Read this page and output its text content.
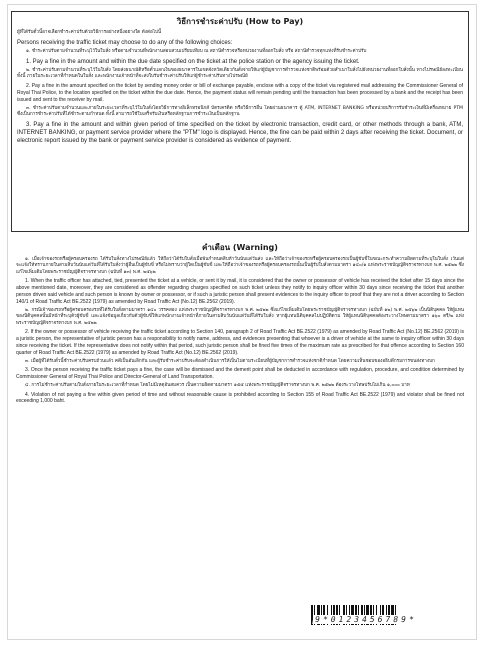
วิธีการชำระค่าปรับ (How to Pay)

ผู้ที่ได้รับตั๋วนี้อาจเลือกชำระค่าปรับด้วยวิธีการอย่างหนึ่งอย่างใด ดังต่อไปนี้

Persons receiving the traffic ticket may choose to do any of the following choices:

๑. ชำระค่าปรับตามจำนวนที่ระบุไว้ในใบสั่ง หรือตามจำนวนที่พนักงานสอบสวนเปรียบเทียบ ณ สถานีตำรวจหรือหน่วยงานที่ออกใบสั่ง หรือ สถานีตำรวจทุกแห่งที่รับชำระค่าปรับ

1. Pay a fine in the amount and within the due date specified on the ticket at the police station or the agency issuing the ticket.

๒. ชำระค่าปรับตามจำนวนที่ระบุไว้ในใบสั่ง โดยส่งธนาณัติหรือตั๋วแลกเงินของธนาคารในเขตจังหวัดเดียวกันสั่งจ่ายให้แก่ผู้บัญชาการตำรวจแห่งชาติพร้อมด้วยสำเนาใบสั่งไปยังหน่วยงานที่ออกใบสั่งนั้น ทางไปรษณีย์ลงทะเบียน ทั้งนี้ ภายในระยะเวลาที่กำหนดในใบสั่ง และพนักงานเจ้าหน้าที่จะส่งใบรับชำระค่าปรับให้แก่ผู้ชำระค่าปรับทางไปรษณีย์

2. Pay a fine in the amount specified on the ticket by sending money order or bill of exchange payable, enclose with a copy of the ticket via registered mail addressing the Commissioner General of Royal Thai Police, to the location specified on the ticket within the due date. Hence, the payment status will remain pending until the transaction has been processed by a bank and the receipt has been issued and sent to the receiver by mail.

๓. ชำระค่าปรับตามจำนวนและภายในระยะเวลาที่ระบุไว้ในใบสั่งโดยวิธีการทางอิเล็กทรอนิกส์ บัตรเครดิต หรือวิธีการอื่น โดยผ่านธนาคาร ตู้ ATM, INTERNET BANKING หรือหน่วยบริการรับชำระเงินที่มีเครื่องหมาย PTM ซึ่งเป็นการชำระค่าปรับที่ได้ชำระตามกำหนด ทั้งนี้ สามารถใช้ใบเสร็จรับเงินหรือหลักฐานการชำระเงินเป็นหลักฐาน

3. Pay a fine in the amount and within given period of time specified on the ticket by electronic transaction, credit card, or other methods through a bank, ATM, INTERNET BANKING, or payment service provider where the "PTM" logo is displayed. Hence, the fine can be paid within 2 days after receiving the ticket. Document, or electronic report issued by the bank or payment service provider is considered as evidence of payment.

คำเตือน (Warning)

๑. เมื่อเจ้าของรถหรือผู้ครอบครองรถ ได้รับใบสั่งทางไปรษณีย์แล้ว ให้ถือว่าได้รับใบสั่งเมื่อพ้นกำหนดสิบห้าวันนับแต่วันส่ง และให้ถือว่าเจ้าของรถหรือผู้ครอบครองรถเป็นผู้ขับขี่ในขณะกระทำความผิดตามที่ระบุในใบสั่ง เว้นแต่จะแจ้งให้ทราบภายในสามสิบวันนับแต่วันที่ได้รับใบสั่งว่าผู้อื่นเป็นผู้ขับขี่ หรือไม่ทราบว่าผู้ใดเป็นผู้ขับขี่ และให้ถือว่าเจ้าของรถหรือผู้ครอบครองรถนั้นเป็นผู้รับใบสั่งตามมาตรา ๑๔๐/๑ แห่งพระราชบัญญัติจราจรทางบก พ.ศ. ๒๕๒๒ ซึ่งแก้ไขเพิ่มเติมโดยพระราชบัญญัติจราจรทางบก (ฉบับที่ ๑๓) พ.ศ. ๒๕๖๒

1. When the traffic officer has attached, tied, presented the ticket at a vehicle, or sent it by mail, it is considered that the owner or possessor of vehicle has received the ticket after 15 days since the above mentioned date, moreover, they are considered as offender regarding charges specified on such ticket unless they notify to inquiry officer within 30 days since receiving the ticket that another person driven said vehicle and such person is known by owner or possessor, or if such a juristic person shall present evidences to the inquiry officer to proof that they are not a driver according to Section 140/1 of Road Traffic Act BE.2522 (1979) as amended by Road Traffic Act (No.12) BE.2562 (2019).

๒. กรณีเจ้าของรถหรือผู้ครอบครองรถที่ได้รับใบสั่งตามมาตรา ๑๔๐ วรรคสอง แห่งพระราชบัญญัติจราจรทางบก พ.ศ. ๒๕๒๒ ซึ่งแก้ไขเพิ่มเติมโดยพระราชบัญญัติจราจรทางบก (ฉบับที่ ๑๒) พ.ศ. ๒๕๖๒ เป็นนิติบุคคล ให้ผู้แทนของนิติบุคคลนั้นมีหน้าที่ระบุตัวผู้ขับขี่ และแจ้งข้อมูลเกี่ยวกับตัวผู้ขับขี่ให้แก่พนักงานเจ้าหน้าที่ภายในสามสิบวันนับแต่วันที่ได้รับใบสั่ง หากผู้แทนนิติบุคคลไม่ปฏิบัติตาม ให้ผู้แทนนิติบุคคลต้องระวางโทษตามมาตรา ๑๖๐ ตรี/๒ แห่งพระราชบัญญัติจราจรทางบก พ.ศ. ๒๕๒๒

2. If the owner or possessor of vehicle receiving the traffic ticket according to Section 140, paragraph 2 of Road Traffic Act BE.2522 (1979) as amended by Road Traffic Act (No.12) BE.2562 (2019) is a juristic person, the representative of juristic person has a responsibility to notify name, address, and evidences presenting that whoever is a driver of vehicle at the same to inquiry officer within 30 days since receiving the ticket. If the representative does not notify within that period, such juristic person shall be fined five times of the maximum rate as prescribed for that offence according to Section 160 quarter of Road Traffic Act BE.2522 (1979) as amended by Road Traffic Act (No.12) BE.2562 (2019).

๓. เมื่อผู้ที่ได้รับตั๋วนี้ชำระค่าปรับครบถ้วนแล้ว คดีเป็นอันเลิกกัน และผู้รับชำระค่าปรับจะต้องดำเนินการให้เป็นไปตามระเบียบที่ผู้บัญชาการตำรวจแห่งชาติกำหนด โดยความเห็นชอบของอธิบดีกรมการขนส่งทางบก

3. Once the person receiving the traffic ticket pays a fine, the case will be dismissed and the demerit point shall be deducted in accordance with regulation, procedure, and condition determined by Commissioner General of Royal Thai Police and Director-General of Land Transportation.

๔. การไม่ชำระค่าปรับตามใบสั่งภายในระยะเวลาที่กำหนด โดยไม่มีเหตุอันสมควร เป็นความผิดตามมาตรา ๑๕๕ แห่งพระราชบัญญัติจราจรทางบก พ.ศ. ๒๕๒๒ ต้องระวางโทษปรับไม่เกิน ๑,๐๐๐ บาท

4. Violation of not paying a fine within given period of time and without reasonable cause is prohibited according to Section 155 of Road Traffic Act BE.2522 (1979) and violator shall be fined not exceeding 1,000 baht.

9*0123456789*
